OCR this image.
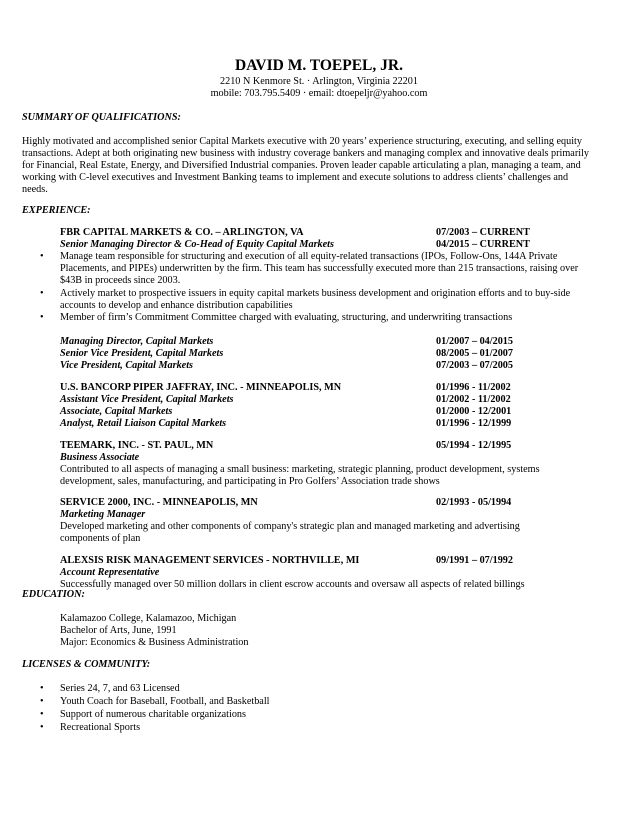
DAVID M. TOEPEL, JR.
2210 N Kenmore St. · Arlington, Virginia 22201
mobile: 703.795.5409 · email: dtoepeljr@yahoo.com
SUMMARY OF QUALIFICATIONS:
Highly motivated and accomplished senior Capital Markets executive with 20 years’ experience structuring, executing, and selling equity
transactions. Adept at both originating new business with industry coverage bankers and managing complex and innovative deals primarily
for Financial, Real Estate, Energy, and Diversified Industrial companies. Proven leader capable articulating a plan, managing a team, and
working with C-level executives and Investment Banking teams to implement and execute solutions to address clients’ challenges and
needs.
EXPERIENCE:
FBR CAPITAL MARKETS & CO. – ARLINGTON, VA	07/2003 – CURRENT
Senior Managing Director & Co-Head of Equity Capital Markets	04/2015 – CURRENT
• Manage team responsible for structuring and execution of all equity-related transactions (IPOs, Follow-Ons, 144A Private
Placements, and PIPEs) underwritten by the firm. This team has successfully executed more than 215 transactions, raising over
$43B in proceeds since 2003.
• Actively market to prospective issuers in equity capital markets business development and origination efforts and to buy-side
accounts to develop and enhance distribution capabilities
• Member of firm’s Commitment Committee charged with evaluating, structuring, and underwriting transactions
Managing Director, Capital Markets	01/2007 – 04/2015
Senior Vice President, Capital Markets	08/2005 – 01/2007
Vice President, Capital Markets	07/2003 – 07/2005
U.S. BANCORP PIPER JAFFRAY, INC. - MINNEAPOLIS, MN	01/1996 - 11/2002
Assistant Vice President, Capital Markets	01/2002 - 11/2002
Associate, Capital Markets	01/2000 - 12/2001
Analyst, Retail Liaison Capital Markets	01/1996 - 12/1999
TEEMARK, INC. - ST. PAUL, MN	05/1994 - 12/1995
Business Associate
Contributed to all aspects of managing a small business: marketing, strategic planning, product development, systems
development, sales, manufacturing, and participating in Pro Golfers’ Association trade shows
SERVICE 2000, INC. - MINNEAPOLIS, MN	02/1993 - 05/1994
Marketing Manager
Developed marketing and other components of company's strategic plan and managed marketing and advertising
components of plan
ALEXSIS RISK MANAGEMENT SERVICES - NORTHVILLE, MI	09/1991 – 07/1992
Account Representative
Successfully managed over 50 million dollars in client escrow accounts and oversaw all aspects of related billings
EDUCATION:
Kalamazoo College, Kalamazoo, Michigan
Bachelor of Arts, June, 1991
Major: Economics & Business Administration
LICENSES & COMMUNITY:
• Series 24, 7, and 63 Licensed
• Youth Coach for Baseball, Football, and Basketball
• Support of numerous charitable organizations
• Recreational Sports
